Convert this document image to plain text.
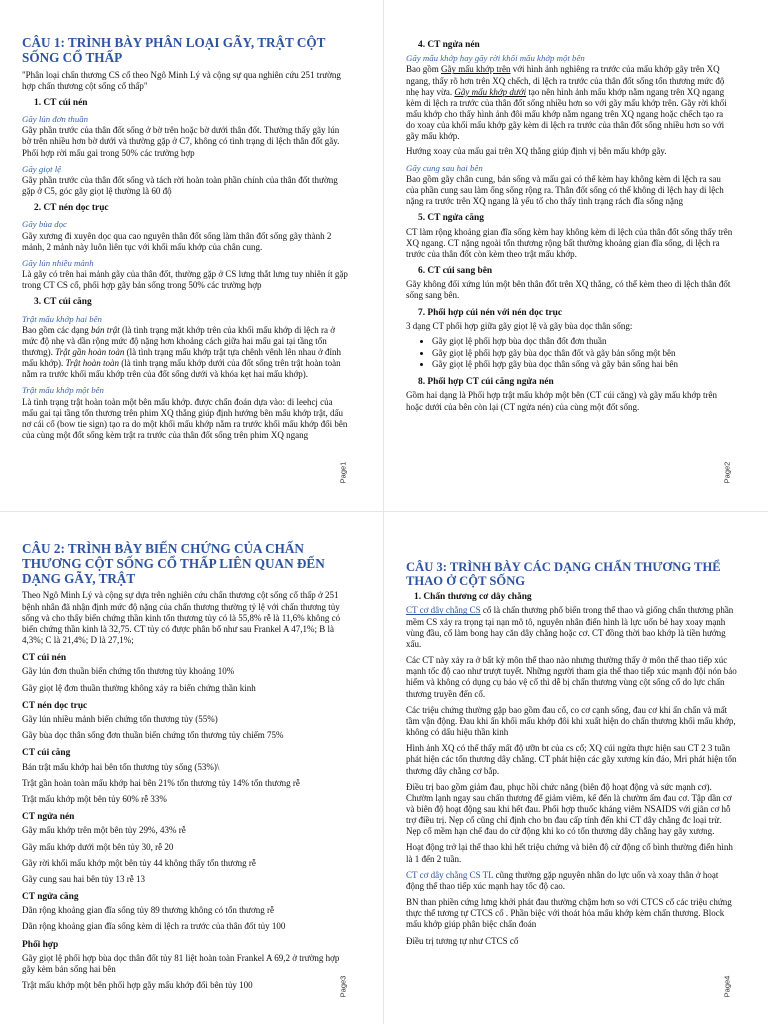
CÂU 1: TRÌNH BÀY PHÂN LOẠI GÃY, TRẬT CỘT SỐNG CỔ THẤP

"Phân loại chấn thương CS cổ theo Ngô Minh Lý và cộng sự qua nghiên cứu 251 trường hợp chấn thương cột sống cổ thấp"

1. CT cúi nén
Gãy lún đơn thuần

Gãy phần trước của thân đốt sống ở bờ trên hoặc bờ dưới thân đốt. Thường thấy gãy lún bờ trên nhiều hơn bờ dưới và thường gặp ở C7, không có tình trạng di lệch thân đốt gãy. Phối hợp rời mấu gai trong 50% các trường hợp

Gãy giọt lệ

Gãy phần trước của thân đốt sống và tách rời hoàn toàn phần chính của thân đốt thường gặp ở C5, góc gãy giọt lệ thường là 60 độ

2. CT nén dọc trục
Gãy bùa dọc

Gãy xương đi xuyên dọc qua cao nguyên thân đốt sống làm thân đốt sống gãy thành 2 mảnh, 2 mảnh này luôn liên tục với khối mấu khớp của chân cung.

Gãy lún nhiều mảnh

Là gãy có trên hai mảnh gãy của thân đốt, thường gặp ở CS lưng thắt lưng tuy nhiên ít gặp trong CT CS cổ, phối hợp gãy bản sống trong 50% các trường hợp

3. CT cúi căng
Trật mấu khớp hai bên

Bao gồm các dạng bán trật (là tình trạng mặt khớp trên của khối mấu khớp di lệch ra ở mức độ nhẹ và dần rộng mức độ nặng hơn khoảng cách giữa hai mấu gai tại tầng tổn thương). Trật gần hoàn toàn (là tình trạng mấu khớp trật tựa chênh vênh lên nhau ở đỉnh mấu khớp). Trật hoàn toàn (là tình trạng mấu khớp dưới của đốt sống trên trật hoàn toàn nằm ra trước khối mấu khớp trên của đốt sống dưới và khóa kẹt hai mấu khớp).

Trật mấu khớp một bên

Là tình trạng trật hoàn toàn một bên mấu khớp. được chẩn đoán dựa vào: di leehcj của mấu gai tại tầng tổn thương trên phim XQ thẳng giúp định hướng bên mấu khớp trật, dấu nơ cái cổ (bow tie sign) tạo ra do một khối mấu khớp nằm ra trước khối mấu khớp đối bên của cùng một đốt sống kèm trật ra trước của thân đốt sống trên phim XQ ngang

Page1
4. CT ngửa nén
Gãy mấu khớp hay gãy rời khối mấu khớp một bên

Bao gồm Gãy mấu khớp trên với hình ảnh nghiêng ra trước của mấu khớp gãy trên XQ ngang, thấy rõ hơn trên XQ chếch, di lệch ra trước của thân đốt sống tổn thương mức độ nhẹ hay vừa. Gãy mấu khớp dưới tạo nên hình ảnh mấu khớp nằm ngang trên XQ ngang kèm di lệch ra trước của thân đốt sống nhiều hơn so với gãy mấu khớp trên. Gãy rời khối mấu khớp cho thấy hình ảnh đôi mấu khớp nằm ngang trên XQ ngang hoặc chếch tạo ra do xoay của khối mấu khớp gãy kèm di lệch ra trước của thân đốt sống nhiều hơn so với gãy mấu khớp.

Hướng xoay của mấu gai trên XQ thẳng giúp định vị bên mấu khớp gãy.

Gãy cung sau hai bên

Bao gồm gãy chân cung, bản sống và mấu gai có thể kèm hay không kèm di lệch ra sau của phần cung sau làm ống sống rộng ra. Thân đốt sống có thể không di lệch hay di lệch nặng ra trước trên XQ ngang là yếu tố cho thấy tình trạng rách đĩa sống nặng

5. CT ngửa căng

CT làm rộng khoảng gian đĩa sống kèm hay không kèm di lệch của thân đốt sống thấy trên XQ ngang. CT nặng ngoài tổn thương rộng bất thường khoảng gian đĩa sống, di lệch ra trước của thân đốt còn kèm theo trật mấu khớp.

6. CT cúi sang bên

Gãy không đối xứng lún một bên thân đốt trên XQ thẳng, có thể kèm theo di lệch thân đốt sống sang bên.

7. Phối hợp cúi nén với nén dọc trục

3 dạng CT phối hợp giữa gãy giọt lệ và gãy bùa dọc thân sống:

• Gãy giọt lệ phối hợp bùa dọc thân đốt đơn thuần
• Gãy giọt lệ phối hợp gãy bùa dọc thân đốt và gãy bản sống một bên
• Gãy giọt lệ phối hợp gãy bùa dọc thân sống và gãy bản sống hai bên
8. Phối hợp CT cúi căng ngửa nén

Gồm hai dạng là Phối hợp trật mấu khớp một bên (CT cúi căng) và gãy mấu khớp trên hoặc dưới của bên còn lại (CT ngửa nén) của cùng một đốt sống.

Page2
CÂU 2: TRÌNH BÀY BIẾN CHỨNG CỦA CHẤN THƯƠNG CỘT SỐNG CỔ THẤP LIÊN QUAN ĐẾN DẠNG GÃY, TRẬT

Theo Ngô Minh Lý và cộng sự dựa trên nghiên cứu chấn thương cột sống cổ thấp ở 251 bệnh nhân đã nhận định mức độ nặng của chấn thương thường tỷ lệ với chấn thương tủy sống và cho thấy biến chứng thần kinh tổn thương tủy có là 55,8% rễ là 11,6% không có biến chứng thần kinh là 32,75. CT tủy có được phân bổ như sau Frankel A 47,1%; B là 4,3%; C là 21,4%; D là 27,1%;

CT cúi nén

Gãy lún đơn thuần biến chứng tổn thương tủy khoảng 10%

Gãy giọt lệ đơn thuần thường không xảy ra biến chứng thần kinh

CT nén dọc trục

Gãy lún nhiều mảnh biến chứng tổn thương tủy (55%)

Gãy bùa dọc thân sống đơn thuần biến chứng tổn thương tủy chiếm 75%

CT cúi căng

Bán trật mấu khớp hai bên tổn thương tủy sống (53%)\

Trật gần hoàn toàn mấu khớp hai bên 21% tổn thương tủy 14% tổn thương rễ

Trật mấu khớp một bên tủy 60% rễ 33%

CT ngửa nén

Gãy mấu khớp trên một bên tủy 29%, 43% rễ

Gãy mấu khớp dưới một bên tủy 30, rễ 20

Gãy rời khối mấu khớp một bên tủy 44 không thấy tổn thương rễ

Gãy cung sau hai bên tủy 13 rễ 13

CT ngửa căng

Dãn rộng khoảng gian đĩa sống tủy 89 thương không có tổn thương rễ

Dãn rộng khoảng gian đĩa sống kèm di lệch ra trước của thân đốt tủy 100

Phối hợp

Gãy giọt lệ phối hợp bùa dọc thân đốt tủy 81 liệt hoàn toàn Frankel A 69,2 ở trường hợp gãy kèm bản sống hai bên

Trật mấu khớp một bên phối hợp gãy mấu khớp đối bên tủy 100	Page3
CÂU 3: TRÌNH BÀY CÁC DẠNG CHẤN THƯƠNG THỂ THAO Ở CỘT SỐNG
1. Chấn thương cơ dây chằng

CT cơ dây chằng CS cổ là chấn thương phổ biến trong thể thao và giống chấn thương phần mềm CS xảy ra trọng tại nạn mô tô, nguyên nhân điển hình là lực uốn bẻ hay xoay mạnh vùng đầu, cổ làm bong hay căn dây chằng hoặc cơ. CT đồng thời bao khớp là tiền hướng xấu.

Các CT này xảy ra ở bất kỳ môn thể thao nào nhưng thường thấy ở môn thể thao tiếp xúc mạnh tốc độ cao như trượt tuyết. Những người tham gia thể thao tiếp xúc mạnh đội nón bảo hiểm và không có dụng cụ bảo vệ cổ thì dễ bị chấn thương vùng cột sống cổ do lực chấn thương truyền đến cổ.

Các triệu chứng thường gặp bao gồm đau cổ, co cơ cạnh sống, đau cơ khi ấn chẩn và mất tầm vận động. Đau khi ấn khối mấu khớp đôi khi xuất hiện do chấn thương khối mấu khớp, không có dấu hiệu thần kinh

Hình ảnh XQ có thể thấy mất độ ưỡn bt của cs cổ; XQ cúi ngửa thực hiện sau CT 2 3 tuần phát hiện các tổn thương dây chằng. CT phát hiện các gãy xương kín đáo, Mri phát hiện tổn thương dây chằng cơ bắp.

Điều trị bao gồm giảm đau, phục hồi chức năng (biên độ hoạt động và sức mạnh cơ). Chườm lạnh ngay sau chấn thương để giảm viêm, kế đến là chườm ấm đau cơ. Tập dần cơ và biên độ hoạt động sau khi hết đau. Phối hợp thuốc kháng viêm NSAIDS với giãn cơ hỗ trợ điều trị. Nẹp cổ cũng chỉ định cho bn đau cấp tính đến khi CT dây chằng đc loại trừ. Nẹp cổ mềm hạn chế đau do cử động khi ko có tổn thương dây chằng hay gãy xương.

Hoạt động trở lại thể thao khi hết triệu chứng và biên độ cử động cổ bình thường điển hình là 1 đến 2 tuần.

CT cơ dây chằng CS TL cũng thường gặp nguyên nhân do lực uốn và xoay thân ở hoạt động thể thao tiếp xúc mạnh hay tốc độ cao.

BN than phiền cứng lưng khởi phát đau thường chậm hơn so với CTCS cổ các triệu chứng thực thể tương tự CTCS cổ . Phần biệc với thoát hóa mấu khớp kèm chấn thương. Block mấu khớp giúp phân biệc chẩn đoán

Điều trị tương tự như CTCS cổ

Page4
